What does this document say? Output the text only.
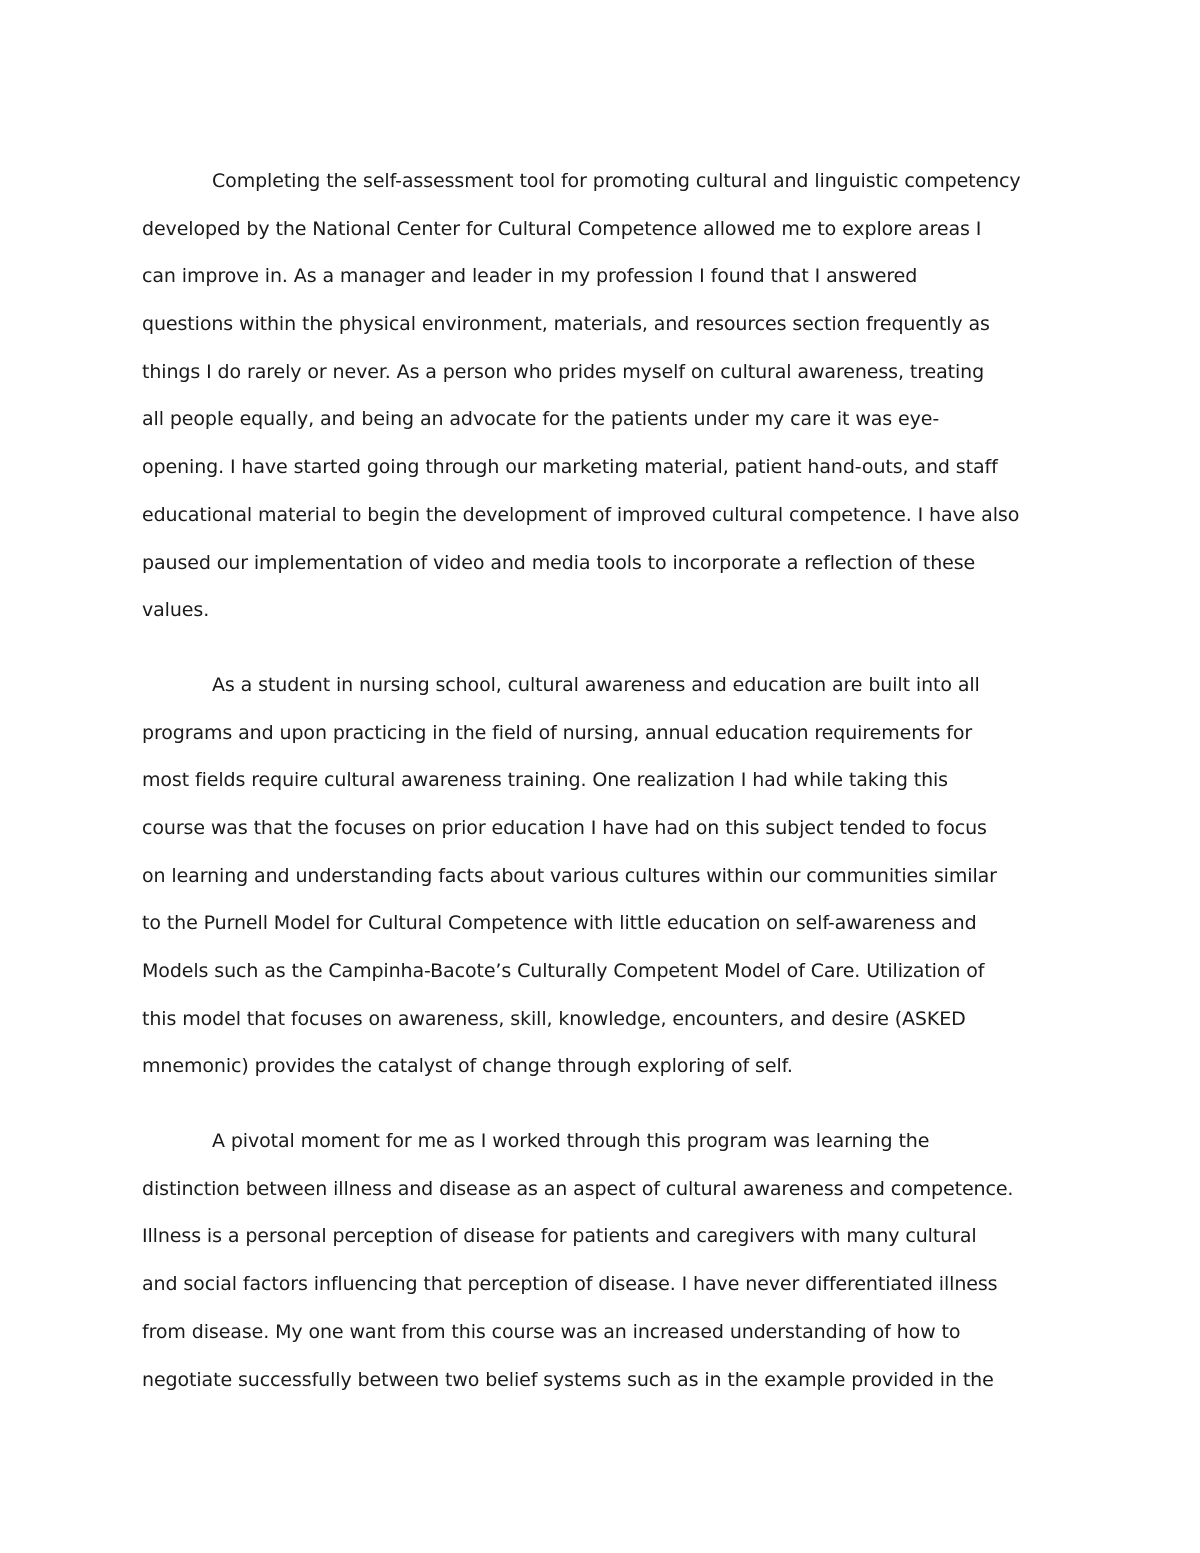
Completing the self-assessment tool for promoting cultural and linguistic competency
developed by the National Center for Cultural Competence allowed me to explore areas I
can improve in. As a manager and leader in my profession I found that I answered
questions within the physical environment, materials, and resources section frequently as
things I do rarely or never. As a person who prides myself on cultural awareness, treating
all people equally, and being an advocate for the patients under my care it was eye-
opening. I have started going through our marketing material, patient hand-outs, and staff
educational material to begin the development of improved cultural competence. I have also
paused our implementation of video and media tools to incorporate a reflection of these
values.
As a student in nursing school, cultural awareness and education are built into all
programs and upon practicing in the field of nursing, annual education requirements for
most fields require cultural awareness training. One realization I had while taking this
course was that the focuses on prior education I have had on this subject tended to focus
on learning and understanding facts about various cultures within our communities similar
to the Purnell Model for Cultural Competence with little education on self-awareness and
Models such as the Campinha-Bacote’s Culturally Competent Model of Care. Utilization of
this model that focuses on awareness, skill, knowledge, encounters, and desire (ASKED
mnemonic) provides the catalyst of change through exploring of self.
A pivotal moment for me as I worked through this program was learning the
distinction between illness and disease as an aspect of cultural awareness and competence.
Illness is a personal perception of disease for patients and caregivers with many cultural
and social factors influencing that perception of disease. I have never differentiated illness
from disease. My one want from this course was an increased understanding of how to
negotiate successfully between two belief systems such as in the example provided in the
